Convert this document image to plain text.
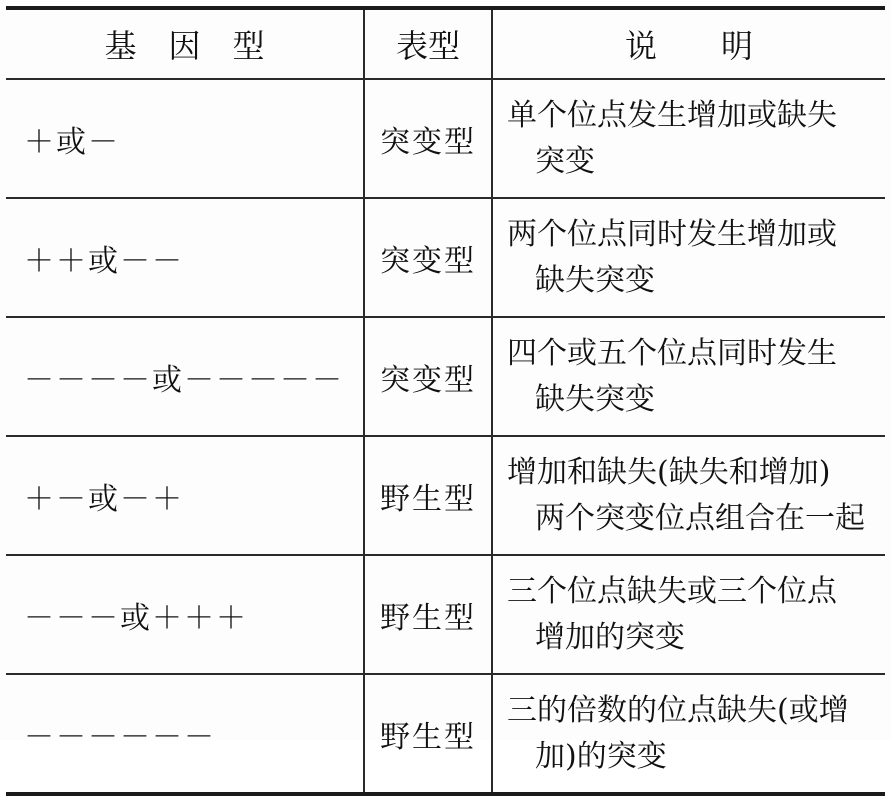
基　因　型	表型	说　　明
＋或－	突变型	单个位点发生增加或缺失
突变

＋＋或－－	突变型	两个位点同时发生增加或
缺失突变

－－－－或－－－－－	突变型	四个或五个位点同时发生
缺失突变

＋－或－＋	野生型	增加和缺失(缺失和增加)
两个突变位点组合在一起

－－－或＋＋＋	野生型	三个位点缺失或三个位点
增加的突变

－－－－－－	野生型	三的倍数的位点缺失(或增
加)的突变
